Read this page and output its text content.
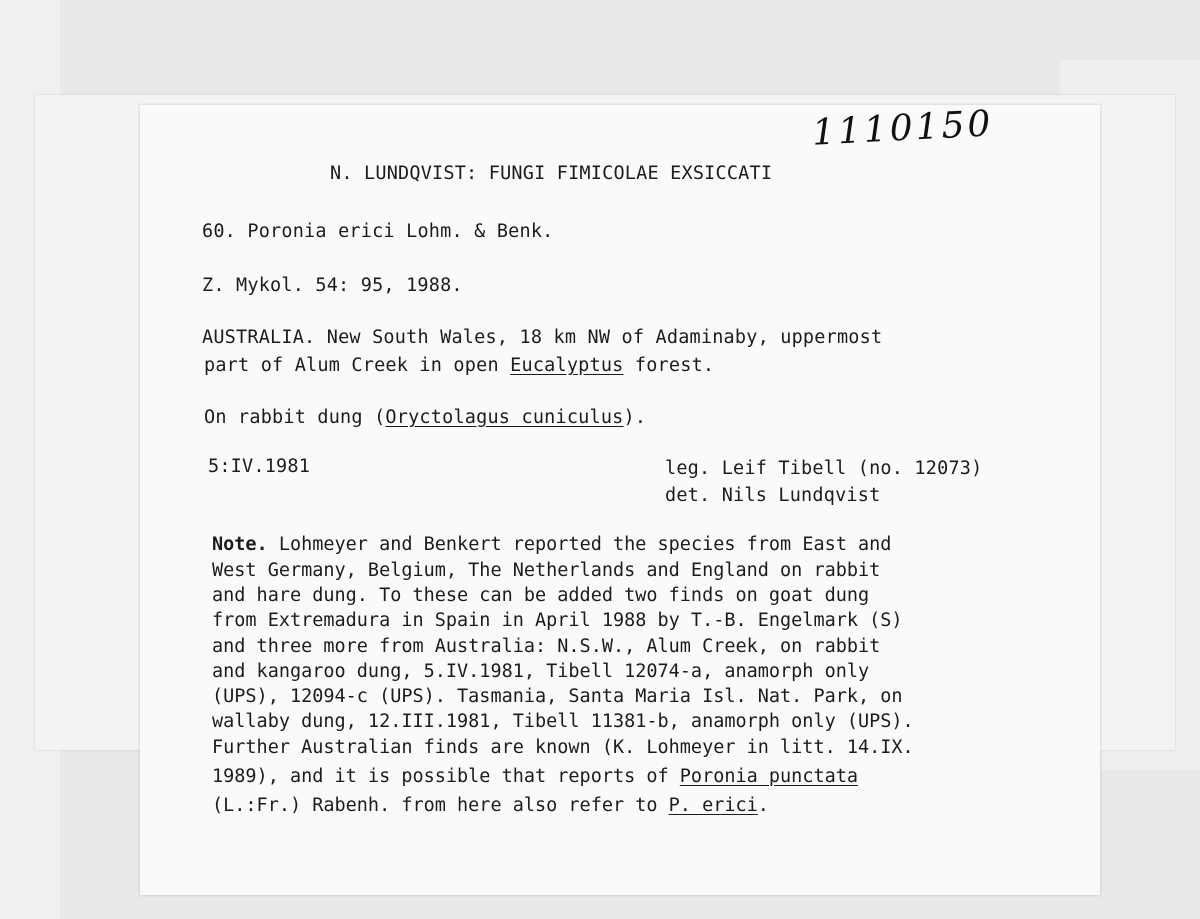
1110150
N. LUNDQVIST: FUNGI FIMICOLAE EXSICCATI
60. Poronia erici Lohm. & Benk.
Z. Mykol. 54: 95, 1988.
AUSTRALIA. New South Wales, 18 km NW of Adaminaby, uppermost
part of Alum Creek in open Eucalyptus forest.
On rabbit dung (Oryctolagus cuniculus).
5:IV.1981	leg. Leif Tibell (no. 12073)
det. Nils Lundqvist
Note. Lohmeyer and Benkert reported the species from East and
West Germany, Belgium, The Netherlands and England on rabbit
and hare dung. To these can be added two finds on goat dung
from Extremadura in Spain in April 1988 by T.-B. Engelmark (S)
and three more from Australia: N.S.W., Alum Creek, on rabbit
and kangaroo dung, 5.IV.1981, Tibell 12074-a, anamorph only
(UPS), 12094-c (UPS). Tasmania, Santa Maria Isl. Nat. Park, on
wallaby dung, 12.III.1981, Tibell 11381-b, anamorph only (UPS).
Further Australian finds are known (K. Lohmeyer in litt. 14.IX.
1989), and it is possible that reports of Poronia punctata
(L.:Fr.) Rabenh. from here also refer to P. erici.
